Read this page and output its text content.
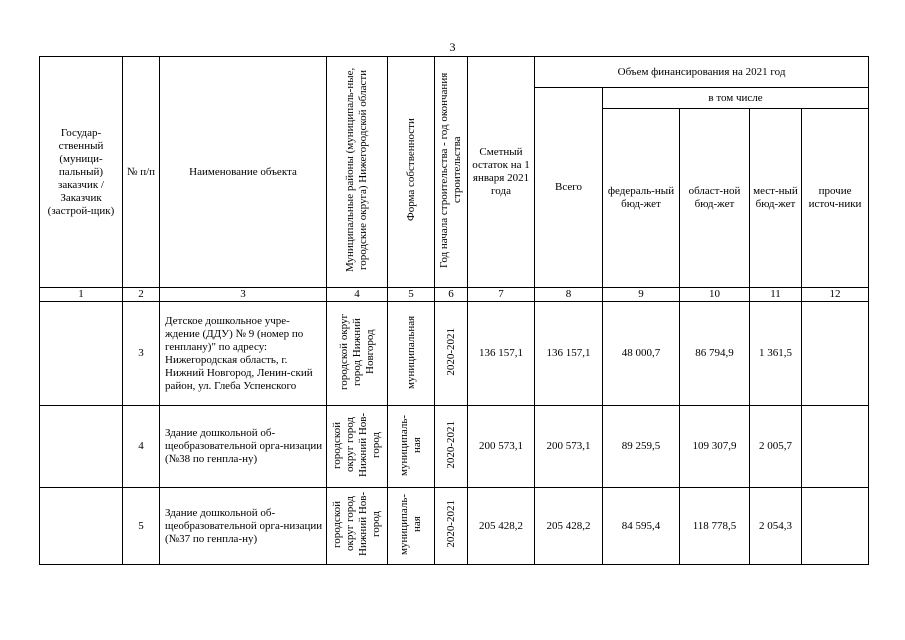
3
Государ-ственный (муници-пальный) заказчик / Заказчик (застрой-щик)	№ п/п	Наименование объекта	Муниципальные районы (муниципаль-ные, городские округа) Нижегородской области	Форма собственности	Год начала строительства - год окончания строительства	Сметный остаток на 1 января 2021 года	Объем финансирования на 2021 год				
							Всего	в том числе			
								федераль-ный бюд-жет	област-ной бюд-жет	мест-ный бюд-жет	прочие источ-ники
1	2	3	4	5	6	7	8	9	10	11	12
	3	Детское дошкольное учре-ждение (ДДУ) № 9 (номер по генплану)" по адресу: Нижегородская область, г. Нижний Новгород, Ленин-ский район, ул. Глеба Успенского	городской округ город Нижний Новгород	муниципальная	2020-2021	136 157,1	136 157,1	48 000,7	86 794,9	1 361,5	
	4	Здание дошкольной об-щеобразовательной орга-низации (№38 по генпла-ну)	городской округ город Нижний Нов-город	муниципаль-ная	2020-2021	200 573,1	200 573,1	89 259,5	109 307,9	2 005,7	
	5	Здание дошкольной об-щеобразовательной орга-низации (№37 по генпла-ну)	городской округ город Нижний Нов-город	муниципаль-ная	2020-2021	205 428,2	205 428,2	84 595,4	118 778,5	2 054,3	
